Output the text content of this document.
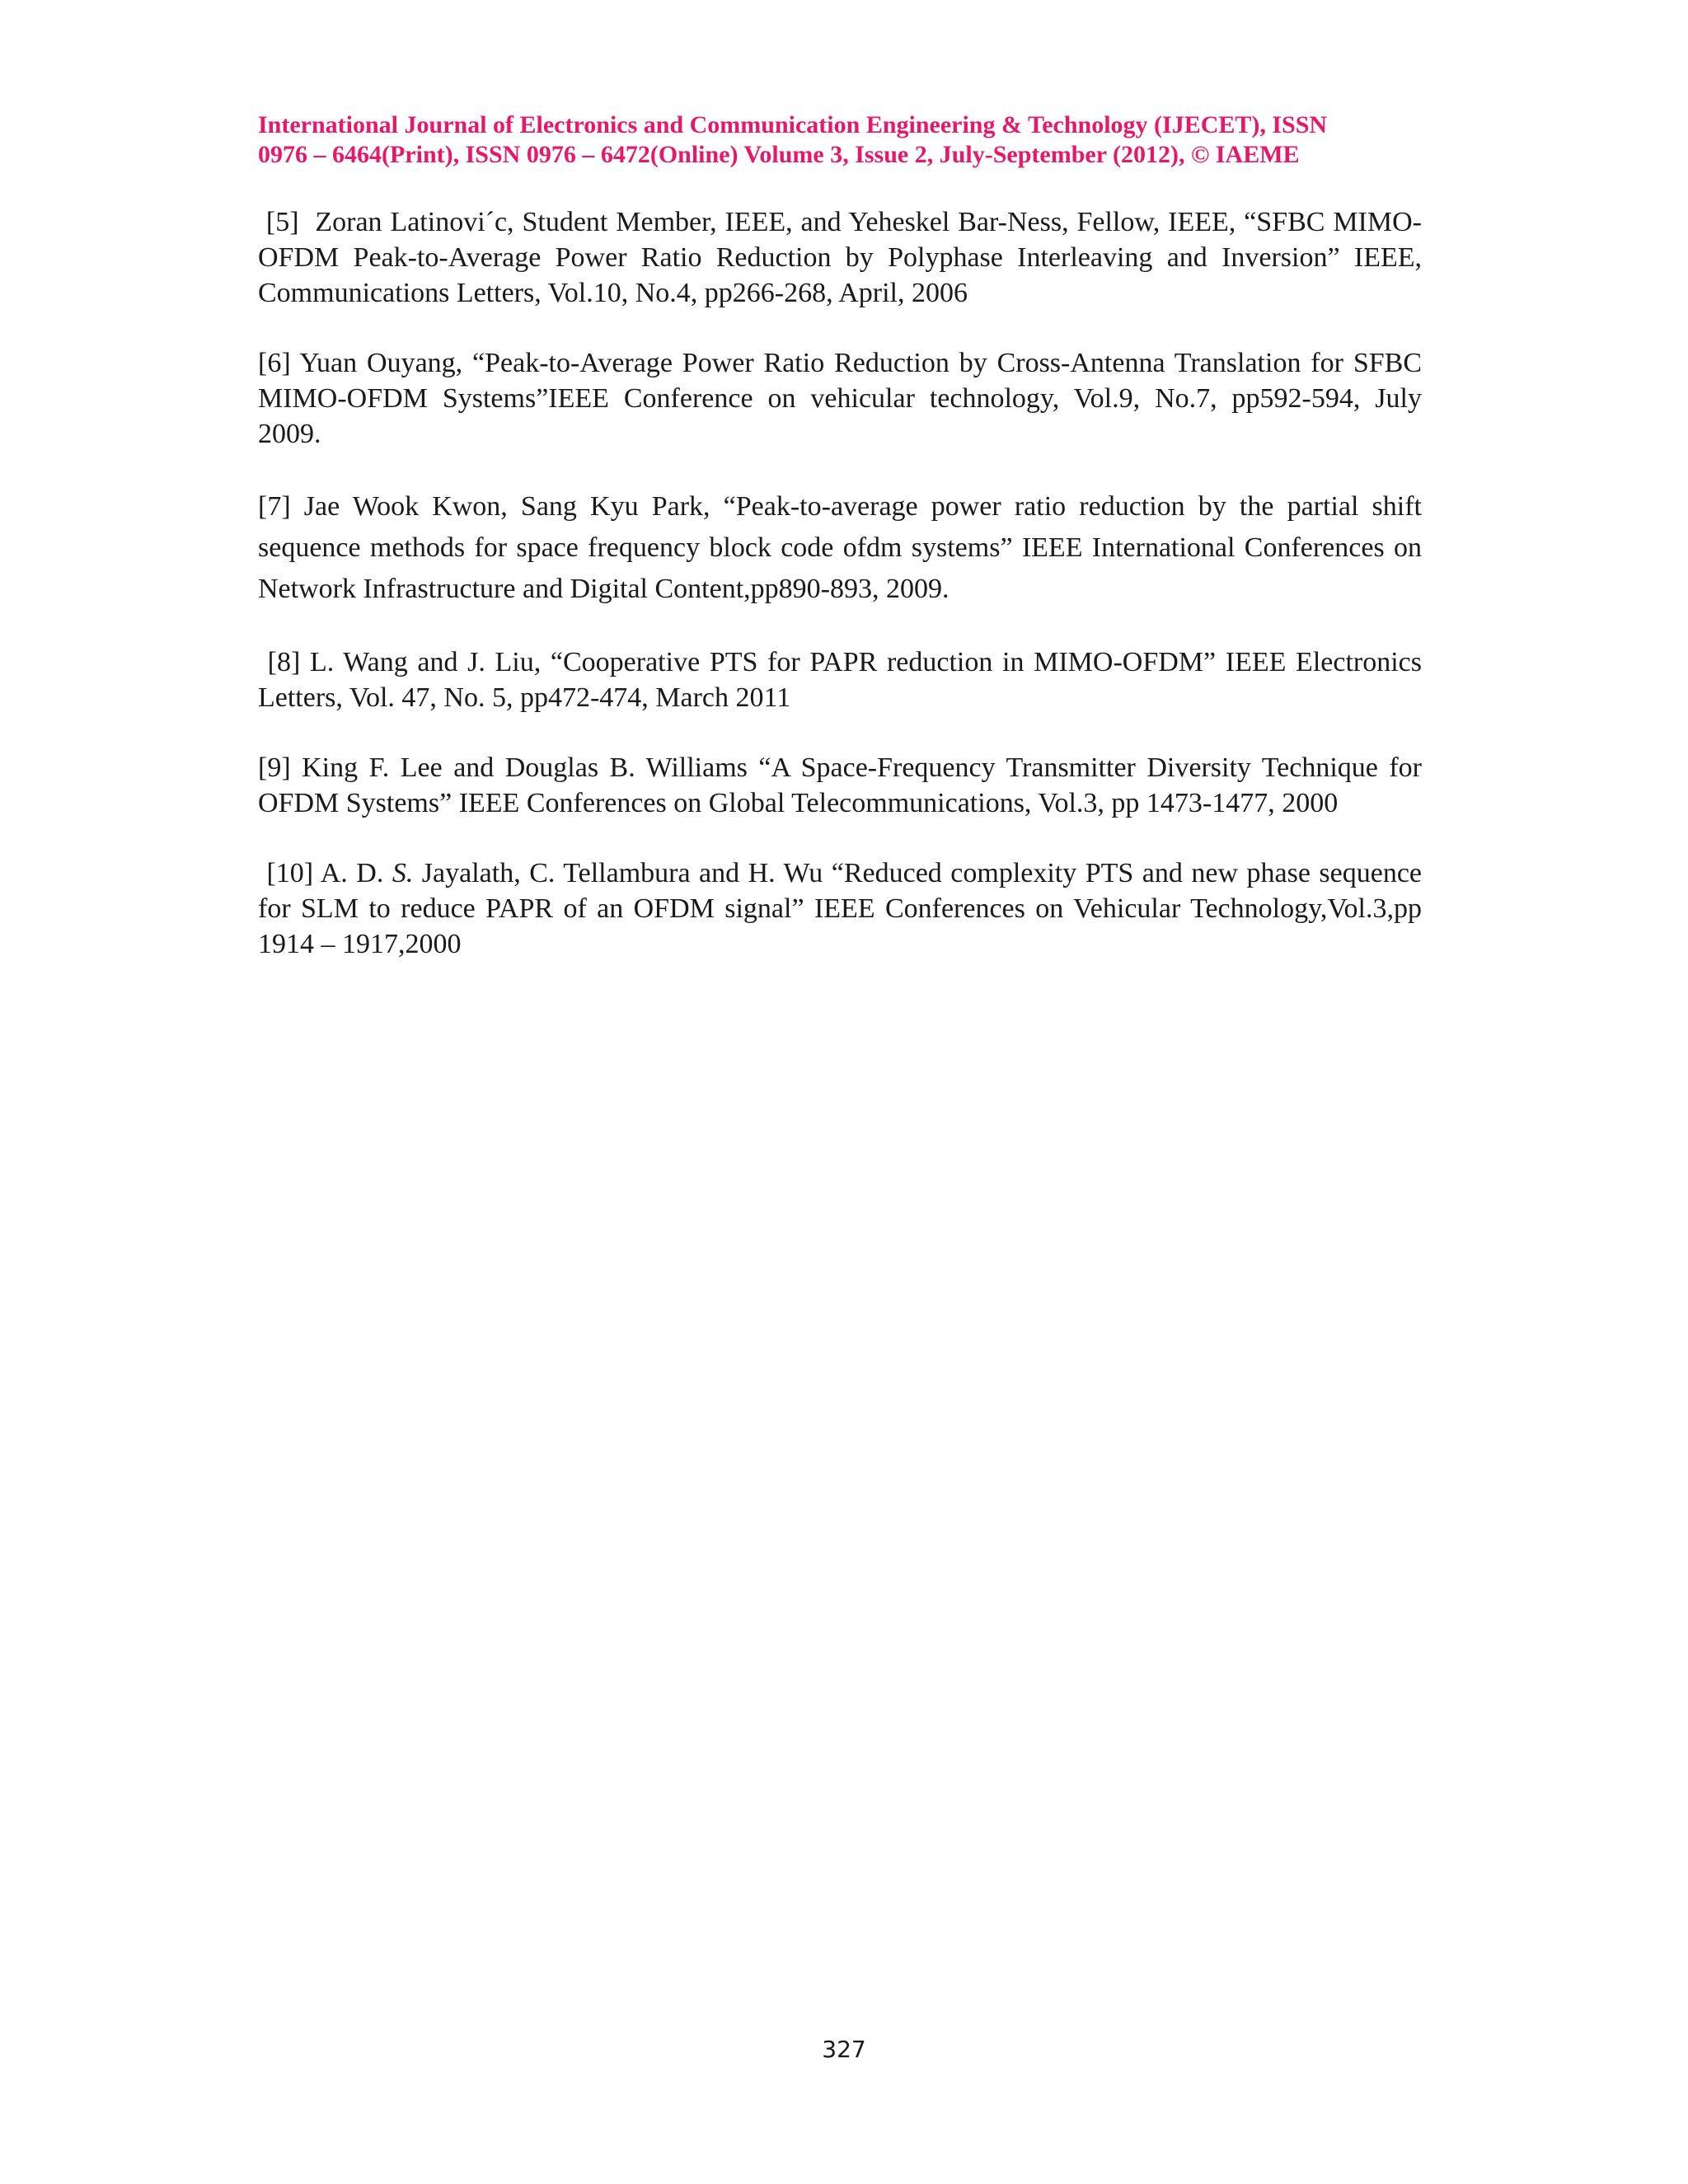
International Journal of Electronics and Communication Engineering & Technology (IJECET), ISSN
0976 – 6464(Print), ISSN 0976 – 6472(Online) Volume 3, Issue 2, July-September (2012), © IAEME

[5]  Zoran Latinovi´c, Student Member, IEEE, and Yeheskel Bar-Ness, Fellow, IEEE, “SFBC MIMO-OFDM Peak-to-Average Power Ratio Reduction by Polyphase Interleaving and Inversion” IEEE, Communications Letters, Vol.10, No.4, pp266-268, April, 2006

[6] Yuan Ouyang, “Peak-to-Average Power Ratio Reduction by Cross-Antenna Translation for SFBC MIMO-OFDM Systems”IEEE Conference on vehicular technology, Vol.9, No.7, pp592-594, July 2009.

[7] Jae Wook Kwon, Sang Kyu Park, “Peak-to-average power ratio reduction by the partial shift sequence methods for space frequency block code ofdm systems” IEEE International Conferences on Network Infrastructure and Digital Content,pp890-893, 2009.

[8] L. Wang and J. Liu, “Cooperative PTS for PAPR reduction in MIMO-OFDM” IEEE Electronics Letters, Vol. 47, No. 5, pp472-474, March 2011

[9] King F. Lee and Douglas B. Williams “A Space-Frequency Transmitter Diversity Technique for OFDM Systems” IEEE Conferences on Global Telecommunications, Vol.3, pp 1473-1477, 2000

[10] A. D. S. Jayalath, C. Tellambura and H. Wu “Reduced complexity PTS and new phase sequence for SLM to reduce PAPR of an OFDM signal” IEEE Conferences on Vehicular Technology,Vol.3,pp 1914 – 1917,2000

327
